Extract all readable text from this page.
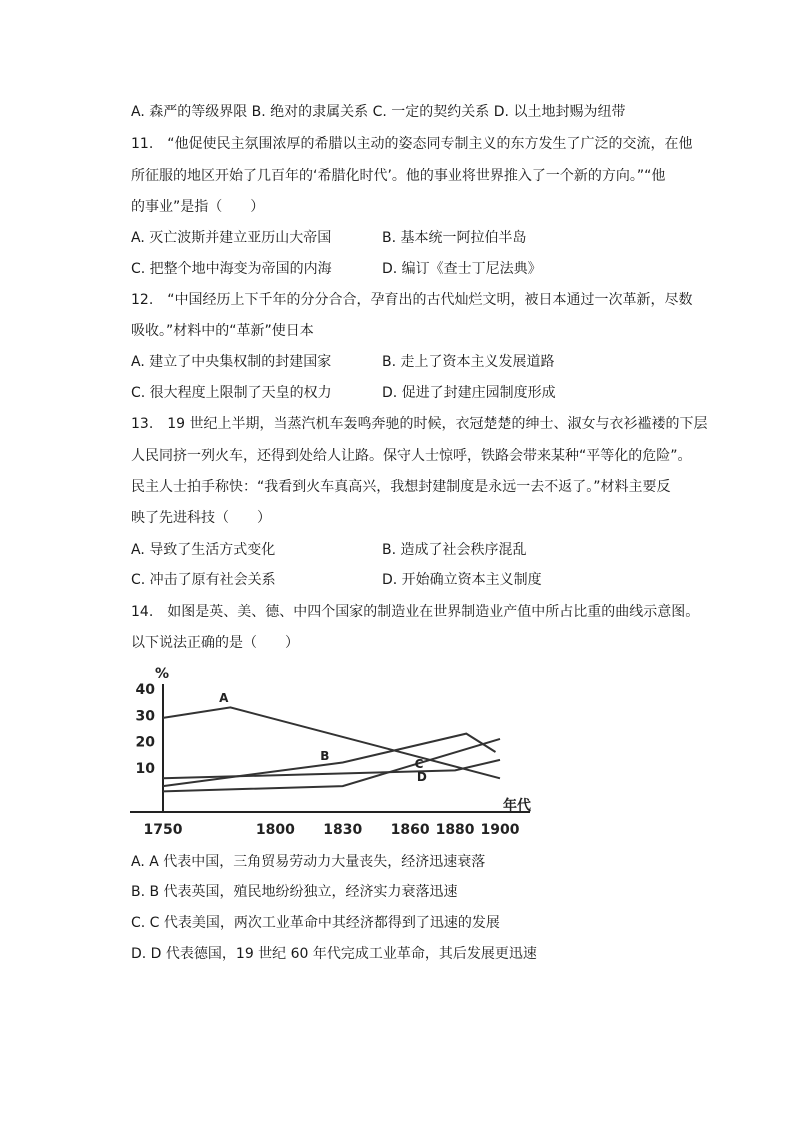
A. 森严的等级界限 B. 绝对的隶属关系 C. 一定的契约关系 D. 以土地封赐为纽带
11.　“他促使民主氛围浓厚的希腊以主动的姿态同专制主义的东方发生了广泛的交流，在他
所征服的地区开始了几百年的‘希腊化时代’。他的事业将世界推入了一个新的方向。”“他
的事业”是指（　　）
A. 灭亡波斯并建立亚历山大帝国	B. 基本统一阿拉伯半岛
C. 把整个地中海变为帝国的内海	D. 编订《查士丁尼法典》
12.　“中国经历上下千年的分分合合，孕育出的古代灿烂文明，被日本通过一次革新，尽数
吸收。”材料中的“革新”使日本
A. 建立了中央集权制的封建国家	B. 走上了资本主义发展道路
C. 很大程度上限制了天皇的权力	D. 促进了封建庄园制度形成
13.　19 世纪上半期，当蒸汽机车轰鸣奔驰的时候，衣冠楚楚的绅士、淑女与衣衫褴褛的下层
人民同挤一列火车，还得到处给人让路。保守人士惊呼，铁路会带来某种“平等化的危险”。
民主人士拍手称快：“我看到火车真高兴，我想封建制度是永远一去不返了。”材料主要反
映了先进科技（　　）
A. 导致了生活方式变化	B. 造成了社会秩序混乱
C. 冲击了原有社会关系	D. 开始确立资本主义制度
14.　如图是英、美、德、中四个国家的制造业在世界制造业产值中所占比重的曲线示意图。
以下说法正确的是（　　）
%
10
20
30
40
1750	1800 1830 1860 1880 1900
年代
A
B
C
D
A. A 代表中国，三角贸易劳动力大量丧失，经济迅速衰落
B. B 代表英国，殖民地纷纷独立，经济实力衰落迅速
C. C 代表美国，两次工业革命中其经济都得到了迅速的发展
D. D 代表德国，19 世纪 60 年代完成工业革命，其后发展更迅速
